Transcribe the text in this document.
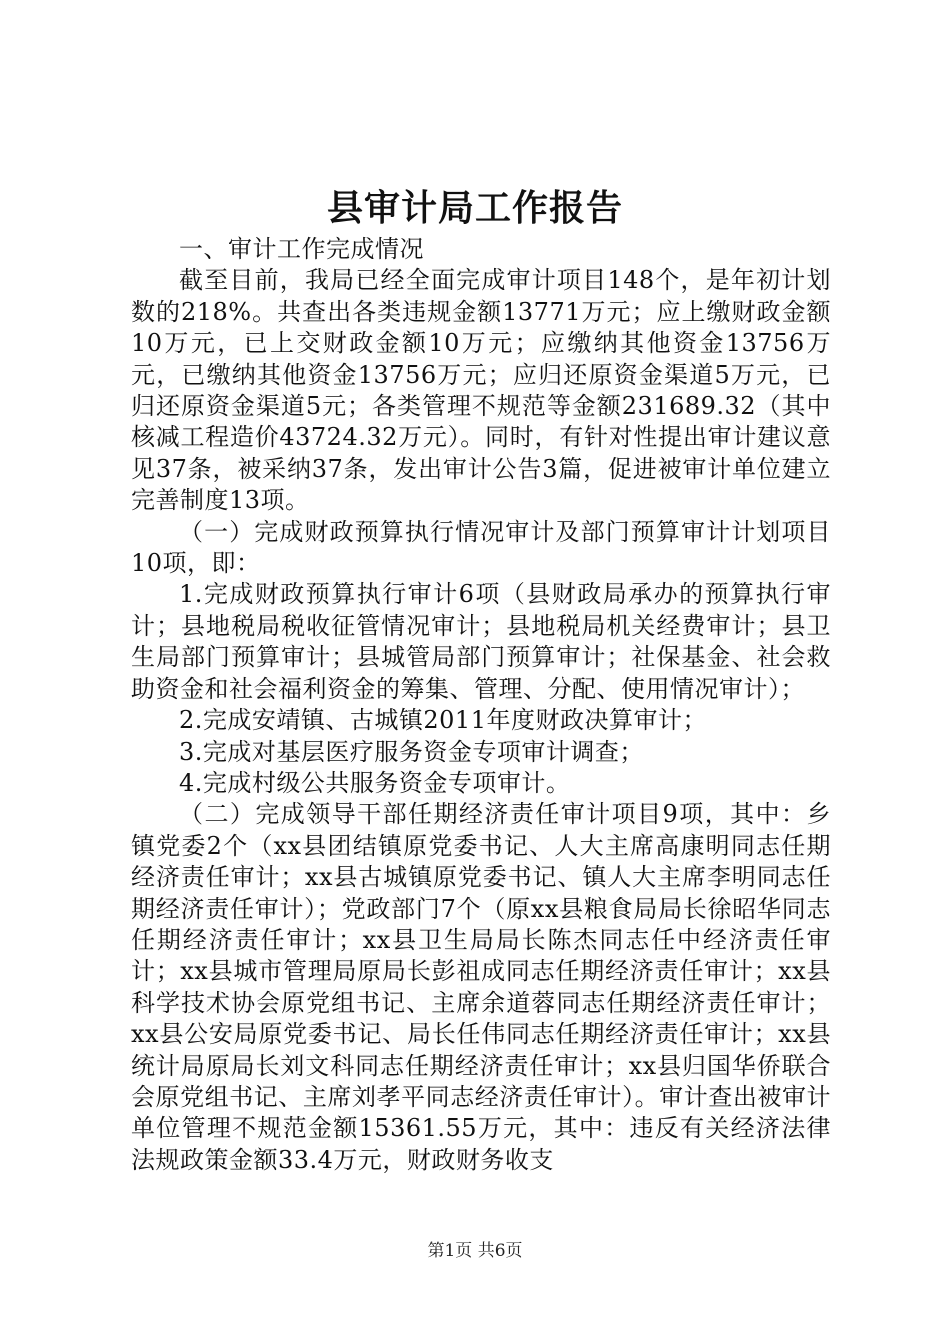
县审计局工作报告

一、审计工作完成情况

截至目前，我局已经全面完成审计项目148个，是年初计划数的218%。共查出各类违规金额13771万元；应上缴财政金额10万元，已上交财政金额10万元；应缴纳其他资金13756万元，已缴纳其他资金13756万元；应归还原资金渠道5万元，已归还原资金渠道5元；各类管理不规范等金额231689.32（其中核减工程造价43724.32万元）。同时，有针对性提出审计建议意见37条，被采纳37条，发出审计公告3篇，促进被审计单位建立完善制度13项。

（一）完成财政预算执行情况审计及部门预算审计计划项目10项，即：

1.完成财政预算执行审计6项（县财政局承办的预算执行审计；县地税局税收征管情况审计；县地税局机关经费审计；县卫生局部门预算审计；县城管局部门预算审计；社保基金、社会救助资金和社会福利资金的筹集、管理、分配、使用情况审计）；

2.完成安靖镇、古城镇2011年度财政决算审计；

3.完成对基层医疗服务资金专项审计调查；

4.完成村级公共服务资金专项审计。

（二）完成领导干部任期经济责任审计项目9项，其中：乡镇党委2个（xx县团结镇原党委书记、人大主席高康明同志任期经济责任审计；xx县古城镇原党委书记、镇人大主席李明同志任期经济责任审计）；党政部门7个（原xx县粮食局局长徐昭华同志任期经济责任审计；xx县卫生局局长陈杰同志任中经济责任审计；xx县城市管理局原局长彭祖成同志任期经济责任审计；xx县科学技术协会原党组书记、主席余道蓉同志任期经济责任审计；xx县公安局原党委书记、局长任伟同志任期经济责任审计；xx县统计局原局长刘文科同志任期经济责任审计；xx县归国华侨联合会原党组书记、主席刘孝平同志经济责任审计）。审计查出被审计单位管理不规范金额15361.55万元，其中：违反有关经济法律法规政策金额33.4万元，财政财务收支

第1页 共6页
